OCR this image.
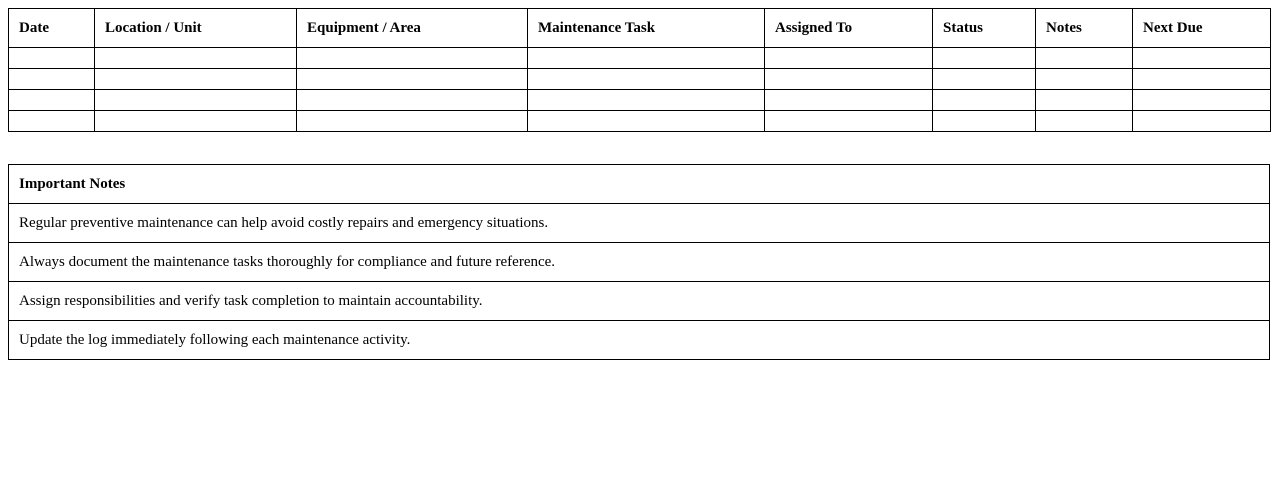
Date	Location / Unit	Equipment / Area	Maintenance Task	Assigned To	Status	Notes	Next Due

Important Notes
Regular preventive maintenance can help avoid costly repairs and emergency situations.
Always document the maintenance tasks thoroughly for compliance and future reference.
Assign responsibilities and verify task completion to maintain accountability.
Update the log immediately following each maintenance activity.
